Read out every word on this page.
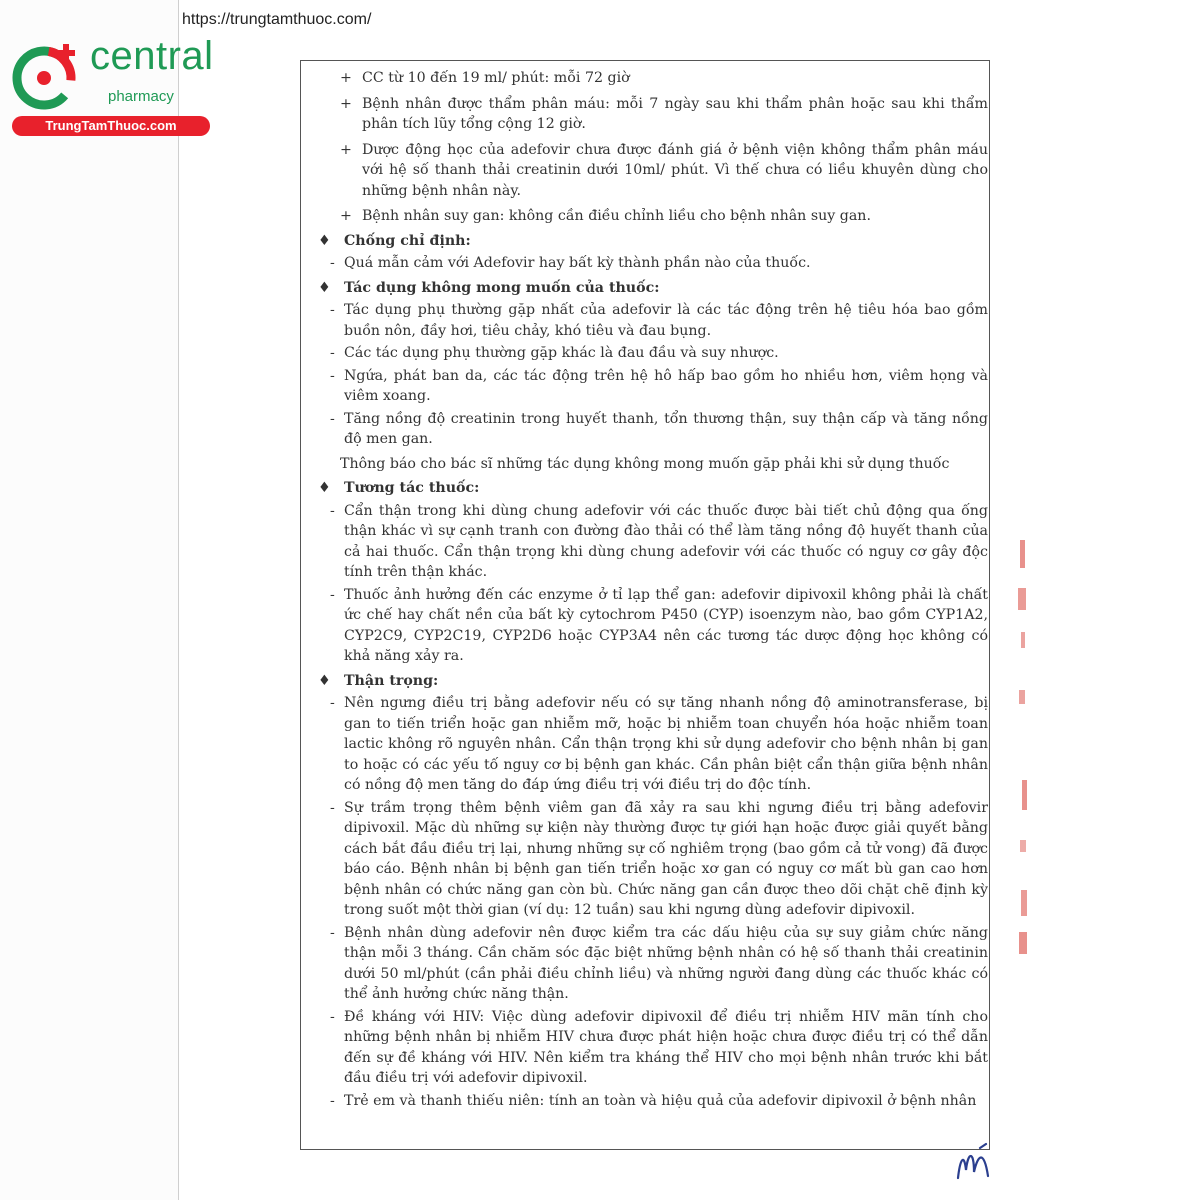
https://trungtamthuoc.com/
central
pharmacy
TrungTamThuoc.com
+ CC từ 10 đến 19 ml/ phút: mỗi 72 giờ
+ Bệnh nhân được thẩm phân máu: mỗi 7 ngày sau khi thẩm phân hoặc sau khi thẩm phân tích lũy tổng cộng 12 giờ.
+ Dược động học của adefovir chưa được đánh giá ở bệnh viện không thẩm phân máu với hệ số thanh thải creatinin dưới 10ml/ phút. Vì thế chưa có liều khuyên dùng cho những bệnh nhân này.
+ Bệnh nhân suy gan: không cần điều chỉnh liều cho bệnh nhân suy gan.
♦ Chống chỉ định:
- Quá mẫn cảm với Adefovir hay bất kỳ thành phần nào của thuốc.
♦ Tác dụng không mong muốn của thuốc:
- Tác dụng phụ thường gặp nhất của adefovir là các tác động trên hệ tiêu hóa bao gồm buồn nôn, đầy hơi, tiêu chảy, khó tiêu và đau bụng.
- Các tác dụng phụ thường gặp khác là đau đầu và suy nhược.
- Ngứa, phát ban da, các tác động trên hệ hô hấp bao gồm ho nhiều hơn, viêm họng và viêm xoang.
- Tăng nồng độ creatinin trong huyết thanh, tổn thương thận, suy thận cấp và tăng nồng độ men gan.
Thông báo cho bác sĩ những tác dụng không mong muốn gặp phải khi sử dụng thuốc
♦ Tương tác thuốc:
- Cẩn thận trong khi dùng chung adefovir với các thuốc được bài tiết chủ động qua ống thận khác vì sự cạnh tranh con đường đào thải có thể làm tăng nồng độ huyết thanh của cả hai thuốc. Cẩn thận trọng khi dùng chung adefovir với các thuốc có nguy cơ gây độc tính trên thận khác.
- Thuốc ảnh hưởng đến các enzyme ở tỉ lạp thể gan: adefovir dipivoxil không phải là chất ức chế hay chất nền của bất kỳ cytochrom P450 (CYP) isoenzym nào, bao gồm CYP1A2, CYP2C9, CYP2C19, CYP2D6 hoặc CYP3A4 nên các tương tác dược động học không có khả năng xảy ra.
♦ Thận trọng:
- Nên ngưng điều trị bằng adefovir nếu có sự tăng nhanh nồng độ aminotransferase, bị gan to tiến triển hoặc gan nhiễm mỡ, hoặc bị nhiễm toan chuyển hóa hoặc nhiễm toan lactic không rõ nguyên nhân. Cẩn thận trọng khi sử dụng adefovir cho bệnh nhân bị gan to hoặc có các yếu tố nguy cơ bị bệnh gan khác. Cần phân biệt cẩn thận giữa bệnh nhân có nồng độ men tăng do đáp ứng điều trị với điều trị do độc tính.
- Sự trầm trọng thêm bệnh viêm gan đã xảy ra sau khi ngưng điều trị bằng adefovir dipivoxil. Mặc dù những sự kiện này thường được tự giới hạn hoặc được giải quyết bằng cách bắt đầu điều trị lại, nhưng những sự cố nghiêm trọng (bao gồm cả tử vong) đã được báo cáo. Bệnh nhân bị bệnh gan tiến triển hoặc xơ gan có nguy cơ mất bù gan cao hơn bệnh nhân có chức năng gan còn bù. Chức năng gan cần được theo dõi chặt chẽ định kỳ trong suốt một thời gian (ví dụ: 12 tuần) sau khi ngưng dùng adefovir dipivoxil.
- Bệnh nhân dùng adefovir nên được kiểm tra các dấu hiệu của sự suy giảm chức năng thận mỗi 3 tháng. Cần chăm sóc đặc biệt những bệnh nhân có hệ số thanh thải creatinin dưới 50 ml/phút (cần phải điều chỉnh liều) và những người đang dùng các thuốc khác có thể ảnh hưởng chức năng thận.
- Đề kháng với HIV: Việc dùng adefovir dipivoxil để điều trị nhiễm HIV mãn tính cho những bệnh nhân bị nhiễm HIV chưa được phát hiện hoặc chưa được điều trị có thể dẫn đến sự đề kháng với HIV. Nên kiểm tra kháng thể HIV cho mọi bệnh nhân trước khi bắt đầu điều trị với adefovir dipivoxil.
- Trẻ em và thanh thiếu niên: tính an toàn và hiệu quả của adefovir dipivoxil ở bệnh nhân
